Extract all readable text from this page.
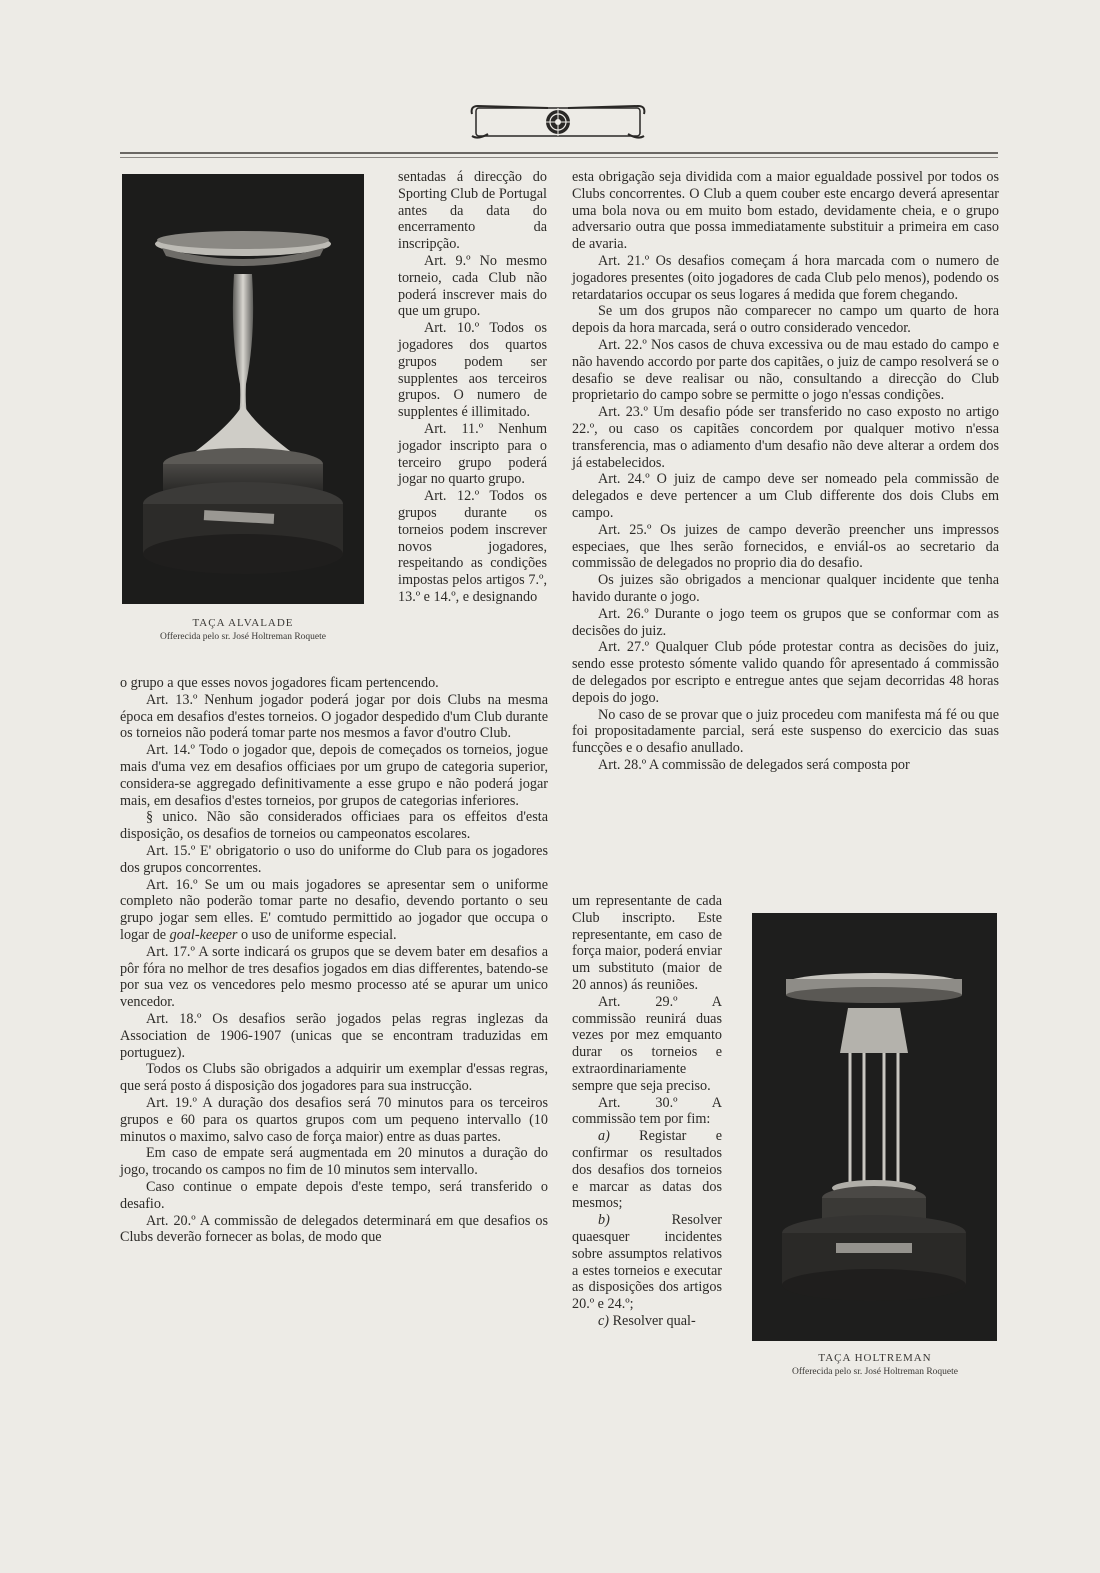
TAÇA ALVALADE
Offerecida pelo sr. José Holtreman Roquete
TAÇA HOLTREMAN
Offerecida pelo sr. José Holtreman Roquete

sentadas á direcção do Sporting Club de Portugal antes da data do encerramento da inscripção.

Art. 9.º No mesmo torneio, cada Club não poderá inscrever mais do que um grupo.

Art. 10.º Todos os jogadores dos quartos grupos podem ser supplentes aos terceiros grupos. O numero de supplentes é illimitado.

Art. 11.º Nenhum jogador inscripto para o terceiro grupo poderá jogar no quarto grupo.

Art. 12.º Todos os grupos durante os torneios podem inscrever novos jogadores, respeitando as condições impostas pelos artigos 7.º, 13.º e 14.º, e designando

o grupo a que esses novos jogadores ficam pertencendo.

Art. 13.º Nenhum jogador poderá jogar por dois Clubs na mesma época em desafios d'estes torneios. O jogador despedido d'um Club durante os torneios não poderá tomar parte nos mesmos a favor d'outro Club.

Art. 14.º Todo o jogador que, depois de começados os torneios, jogue mais d'uma vez em desafios officiaes por um grupo de categoria superior, considera-se aggregado definitivamente a esse grupo e não poderá jogar mais, em desafios d'estes torneios, por grupos de categorias inferiores.

§ unico. Não são considerados officiaes para os effeitos d'esta disposição, os desafios de torneios ou campeonatos escolares.

Art. 15.º E' obrigatorio o uso do uniforme do Club para os jogadores dos grupos concorrentes.

Art. 16.º Se um ou mais jogadores se apresentar sem o uniforme completo não poderão tomar parte no desafio, devendo portanto o seu grupo jogar sem elles. E' comtudo permittido ao jogador que occupa o logar de goal-keeper o uso de uniforme especial.

Art. 17.º A sorte indicará os grupos que se devem bater em desafios a pôr fóra no melhor de tres desafios jogados em dias differentes, batendo-se por sua vez os vencedores pelo mesmo processo até se apurar um unico vencedor.

Art. 18.º Os desafios serão jogados pelas regras inglezas da Association de 1906-1907 (unicas que se encontram traduzidas em portuguez).

Todos os Clubs são obrigados a adquirir um exemplar d'essas regras, que será posto á disposição dos jogadores para sua instrucção.

Art. 19.º A duração dos desafios será 70 minutos para os terceiros grupos e 60 para os quartos grupos com um pequeno intervallo (10 minutos o maximo, salvo caso de força maior) entre as duas partes.

Em caso de empate será augmentada em 20 minutos a duração do jogo, trocando os campos no fim de 10 minutos sem intervallo.

Caso continue o empate depois d'este tempo, será transferido o desafio.

Art. 20.º A commissão de delegados determinará em que desafios os Clubs deverão fornecer as bolas, de modo que

esta obrigação seja dividida com a maior egualdade possivel por todos os Clubs concorrentes. O Club a quem couber este encargo deverá apresentar uma bola nova ou em muito bom estado, devidamente cheia, e o grupo adversario outra que possa immediatamente substituir a primeira em caso de avaria.

Art. 21.º Os desafios começam á hora marcada com o numero de jogadores presentes (oito jogadores de cada Club pelo menos), podendo os retardatarios occupar os seus logares á medida que forem chegando.

Se um dos grupos não comparecer no campo um quarto de hora depois da hora marcada, será o outro considerado vencedor.

Art. 22.º Nos casos de chuva excessiva ou de mau estado do campo e não havendo accordo por parte dos capitães, o juiz de campo resolverá se o desafio se deve realisar ou não, consultando a direcção do Club proprietario do campo sobre se permitte o jogo n'essas condições.

Art. 23.º Um desafio póde ser transferido no caso exposto no artigo 22.º, ou caso os capitães concordem por qualquer motivo n'essa transferencia, mas o adiamento d'um desafio não deve alterar a ordem dos já estabelecidos.

Art. 24.º O juiz de campo deve ser nomeado pela commissão de delegados e deve pertencer a um Club differente dos dois Clubs em campo.

Art. 25.º Os juizes de campo deverão preencher uns impressos especiaes, que lhes serão fornecidos, e enviál-os ao secretario da commissão de delegados no proprio dia do desafio.

Os juizes são obrigados a mencionar qualquer incidente que tenha havido durante o jogo.

Art. 26.º Durante o jogo teem os grupos que se conformar com as decisões do juiz.

Art. 27.º Qualquer Club póde protestar contra as decisões do juiz, sendo esse protesto sómente valido quando fôr apresentado á commissão de delegados por escripto e entregue antes que sejam decorridas 48 horas depois do jogo.

No caso de se provar que o juiz procedeu com manifesta má fé ou que foi propositadamente parcial, será este suspenso do exercicio das suas funcções e o desafio anullado.

Art. 28.º A commissão de delegados será composta por

um representante de cada Club inscripto. Este representante, em caso de força maior, poderá enviar um substituto (maior de 20 annos) ás reuniões.

Art. 29.º A commissão reunirá duas vezes por mez emquanto durar os torneios e extraordinariamente sempre que seja preciso.

Art. 30.º A commissão tem por fim:

a) Registar e confirmar os resultados dos desafios dos torneios e marcar as datas dos mesmos;

b) Resolver quaesquer incidentes sobre assumptos relativos a estes torneios e executar as disposições dos artigos 20.º e 24.º;

c) Resolver qual-
